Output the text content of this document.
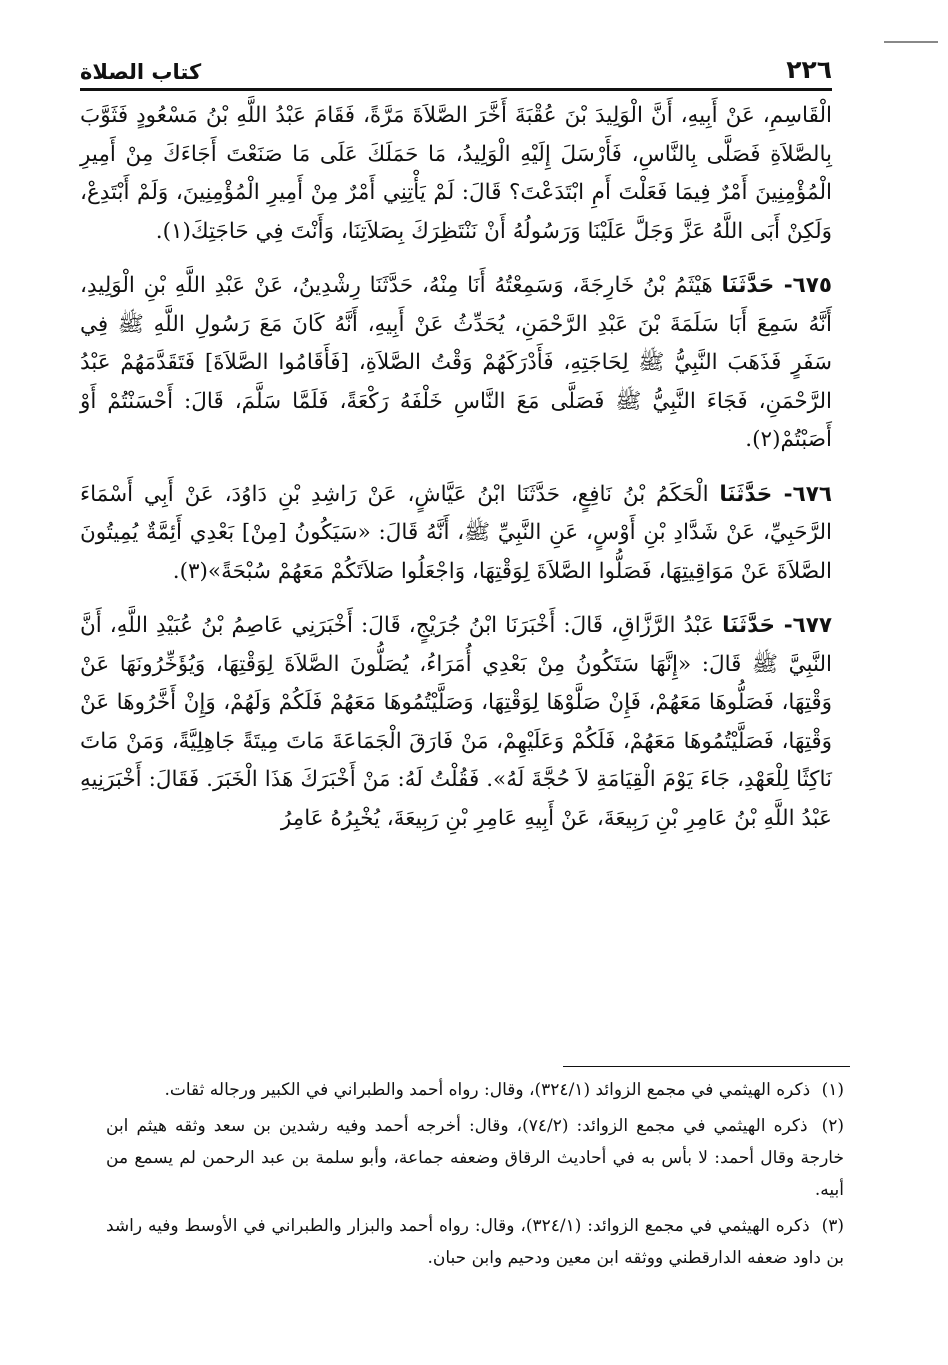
٢٢٦
كتاب الصلاة

الْقَاسِمِ، عَنْ أَبِيهِ، أَنَّ الْوَلِيدَ بْنَ عُقْبَةَ أَخَّرَ الصَّلاَةَ مَرَّةً، فَقَامَ عَبْدُ اللَّهِ بْنُ مَسْعُودٍ فَثَوَّبَ بِالصَّلاَةِ فَصَلَّى بِالنَّاسِ، فَأَرْسَلَ إِلَيْهِ الْوَلِيدُ، مَا حَمَلَكَ عَلَى مَا صَنَعْتَ أَجَاءَكَ مِنْ أَمِيرِ الْمُؤْمِنِينَ أَمْرٌ فِيمَا فَعَلْتَ أَمِ ابْتَدَعْتَ؟ قَالَ: لَمْ يَأْتِنِي أَمْرٌ مِنْ أَمِيرِ الْمُؤْمِنِينَ، وَلَمْ أَبْتَدِعْ، وَلَكِنْ أَبَى اللَّهُ عَزَّ وَجَلَّ عَلَيْنَا وَرَسُولُهُ أَنْ نَنْتَظِرَكَ بِصَلاَتِنَا، وَأَنْتَ فِي حَاجَتِكَ(١).

٦٧٥- حَدَّثَنَا هَيْثَمُ بْنُ خَارِجَةَ، وَسَمِعْتُهُ أَنَا مِنْهُ، حَدَّثَنَا رِشْدِينُ، عَنْ عَبْدِ اللَّهِ بْنِ الْوَلِيدِ، أَنَّهُ سَمِعَ أَبَا سَلَمَةَ بْنَ عَبْدِ الرَّحْمَنِ، يُحَدِّثُ عَنْ أَبِيهِ، أَنَّهُ كَانَ مَعَ رَسُولِ اللَّهِ ﷺ فِي سَفَرٍ فَذَهَبَ النَّبِيُّ ﷺ لِحَاجَتِهِ، فَأَدْرَكَهُمْ وَقْتُ الصَّلاَةِ، [فَأَقَامُوا الصَّلاَةَ] فَتَقَدَّمَهُمْ عَبْدُ الرَّحْمَنِ، فَجَاءَ النَّبِيُّ ﷺ فَصَلَّى مَعَ النَّاسِ خَلْفَهُ رَكْعَةً، فَلَمَّا سَلَّمَ، قَالَ: أَحْسَنْتُمْ أَوْ أَصَبْتُمْ(٢).

٦٧٦- حَدَّثَنَا الْحَكَمُ بْنُ نَافِعٍ، حَدَّثَنَا ابْنُ عَيَّاشٍ، عَنْ رَاشِدِ بْنِ دَاوُدَ، عَنْ أَبِي أَسْمَاءَ الرَّحَبِيِّ، عَنْ شَدَّادِ بْنِ أَوْسٍ، عَنِ النَّبِيِّ ﷺ، أَنَّهُ قَالَ: «سَيَكُونُ [مِنْ] بَعْدِي أَئِمَّةٌ يُمِيتُونَ الصَّلاَةَ عَنْ مَوَاقِيتِهَا، فَصَلُّوا الصَّلاَةَ لِوَقْتِهَا، وَاجْعَلُوا صَلاَتَكُمْ مَعَهُمْ سُبْحَةً»(٣).

٦٧٧- حَدَّثَنَا عَبْدُ الرَّزَّاقِ، قَالَ: أَخْبَرَنَا ابْنُ جُرَيْجٍ، قَالَ: أَخْبَرَنِي عَاصِمُ بْنُ عُبَيْدِ اللَّهِ، أَنَّ النَّبِيَّ ﷺ قَالَ: «إِنَّهَا سَتَكُونُ مِنْ بَعْدِي أُمَرَاءُ، يُصَلُّونَ الصَّلاَةَ لِوَقْتِهَا، وَيُؤَخِّرُونَهَا عَنْ وَقْتِهَا، فَصَلُّوهَا مَعَهُمْ، فَإِنْ صَلَّوْهَا لِوَقْتِهَا، وَصَلَّيْتُمُوهَا مَعَهُمْ فَلَكُمْ وَلَهُمْ، وَإِنْ أَخَّرُوهَا عَنْ وَقْتِهَا، فَصَلَّيْتُمُوهَا مَعَهُمْ، فَلَكُمْ وَعَلَيْهِمْ، مَنْ فَارَقَ الْجَمَاعَةَ مَاتَ مِيتَةً جَاهِلِيَّةً، وَمَنْ مَاتَ نَاكِثًا لِلْعَهْدِ، جَاءَ يَوْمَ الْقِيَامَةِ لاَ حُجَّةَ لَهُ». فَقُلْتُ لَهُ: مَنْ أَخْبَرَكَ هَذَا الْخَبَرَ. فَقَالَ: أَخْبَرَنِيهِ عَبْدُ اللَّهِ بْنُ عَامِرِ بْنِ رَبِيعَةَ، عَنْ أَبِيهِ عَامِرِ بْنِ رَبِيعَةَ، يُخْبِرُهُ عَامِرُ

(١) ذكره الهيثمي في مجمع الزوائد (٣٢٤/١)، وقال: رواه أحمد والطبراني في الكبير ورجاله ثقات.

(٢) ذكره الهيثمي في مجمع الزوائد: (٧٤/٢)، وقال: أخرجه أحمد وفيه رشدين بن سعد وثقه هيثم ابن خارجة وقال أحمد: لا بأس به في أحاديث الرقاق وضعفه جماعة، وأبو سلمة بن عبد الرحمن لم يسمع من أبيه.

(٣) ذكره الهيثمي في مجمع الزوائد: (٣٢٤/١)، وقال: رواه أحمد والبزار والطبراني في الأوسط وفيه راشد بن داود ضعفه الدارقطني ووثقه ابن معين ودحيم وابن حبان.
